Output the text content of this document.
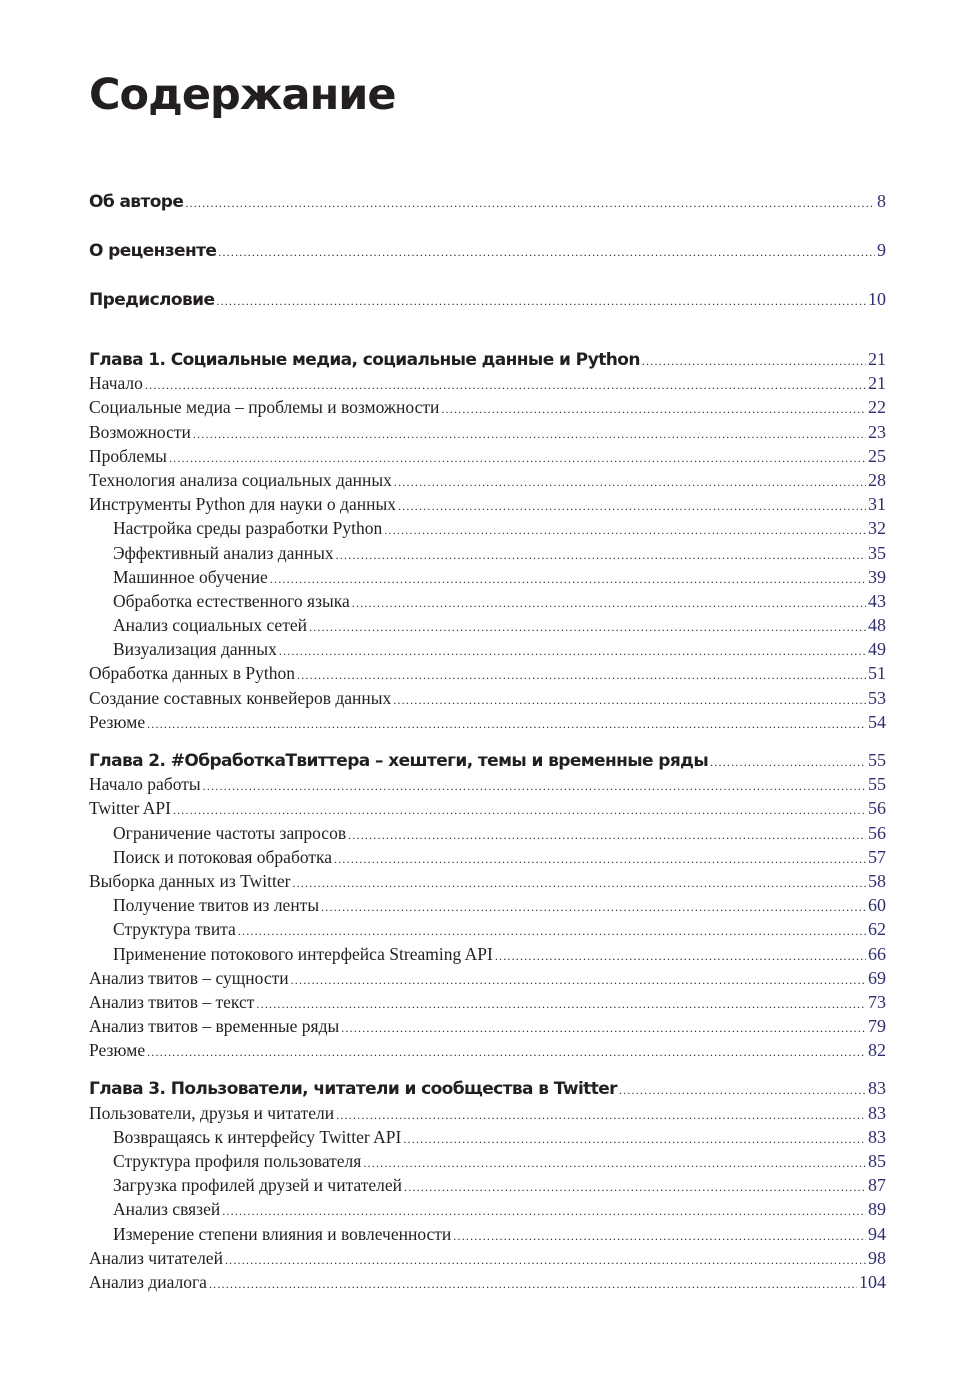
Содержание
Об авторе .....	8
О рецензенте .....	9
Предисловие .....	10
Глава 1. Социальные медиа, социальные данные и Python .....	21
Начало .....	21
Социальные медиа – проблемы и возможности .....	22
Возможности .....	23
Проблемы .....	25
Технология анализа социальных данных .....	28
Инструменты Python для науки о данных .....	31
Настройка среды разработки Python .....	32
Эффективный анализ данных .....	35
Машинное обучение .....	39
Обработка естественного языка .....	43
Анализ социальных сетей .....	48
Визуализация данных .....	49
Обработка данных в Python .....	51
Создание составных конвейеров данных .....	53
Резюме .....	54
Глава 2. #ОбработкаТвиттера – хештеги, темы и временные ряды .....	55
Начало работы .....	55
Twitter API .....	56
Ограничение частоты запросов .....	56
Поиск и потоковая обработка .....	57
Выборка данных из Twitter .....	58
Получение твитов из ленты .....	60
Структура твита .....	62
Применение потокового интерфейса Streaming API .....	66
Анализ твитов – сущности .....	69
Анализ твитов – текст .....	73
Анализ твитов – временные ряды .....	79
Резюме .....	82
Глава 3. Пользователи, читатели и сообщества в Twitter .....	83
Пользователи, друзья и читатели .....	83
Возвращаясь к интерфейсу Twitter API .....	83
Структура профиля пользователя .....	85
Загрузка профилей друзей и читателей .....	87
Анализ связей .....	89
Измерение степени влияния и вовлеченности .....	94
Анализ читателей .....	98
Анализ диалога .....	104
